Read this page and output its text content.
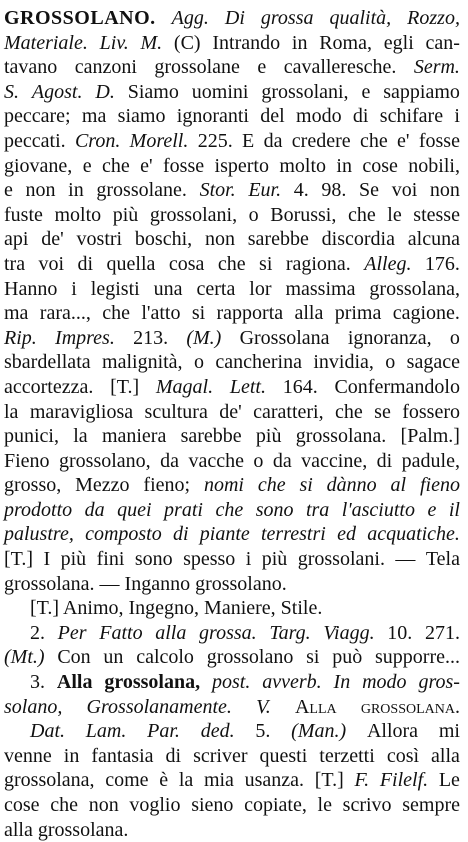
GROSSOLANO. Agg. Di grossa qualità, Rozzo,
Materiale. Liv. M. (C) Intrando in Roma, egli can-
tavano canzoni grossolane e cavalleresche. Serm.
S. Agost. D. Siamo uomini grossolani, e sappiamo
peccare; ma siamo ignoranti del modo di schifare i
peccati. Cron. Morell. 225. E da credere che e' fosse
giovane, e che e' fosse isperto molto in cose nobili,
e non in grossolane. Stor. Eur. 4. 98. Se voi non
fuste molto più grossolani, o Borussi, che le stesse
api de' vostri boschi, non sarebbe discordia alcuna
tra voi di quella cosa che si ragiona. Alleg. 176.
Hanno i legisti una certa lor massima grossolana,
ma rara..., che l'atto si rapporta alla prima cagione.
Rip. Impres. 213. (M.) Grossolana ignoranza, o
sbardellata malignità, o cancherina invidia, o sagace
accortezza. [T.] Magal. Lett. 164. Confermandolo
la maravigliosa scultura de' caratteri, che se fossero
punici, la maniera sarebbe più grossolana. [Palm.]
Fieno grossolano, da vacche o da vaccine, di padule,
grosso, Mezzo fieno; nomi che si dànno al fieno
prodotto da quei prati che sono tra l'asciutto e il
palustre, composto di piante terrestri ed acquatiche.
[T.] I più fini sono spesso i più grossolani. — Tela
grossolana. — Inganno grossolano.
[T.] Animo, Ingegno, Maniere, Stile.
2. Per Fatto alla grossa. Targ. Viagg. 10. 271.
(Mt.) Con un calcolo grossolano si può supporre...
3. Alla grossolana, post. avverb. In modo gros-
solano, Grossolanamente. V. Alla grossolana.
Dat. Lam. Par. ded. 5. (Man.) Allora mi
venne in fantasia di scriver questi terzetti così alla
grossolana, come è la mia usanza. [T.] F. Filelf. Le
cose che non voglio sieno copiate, le scrivo sempre
alla grossolana.
